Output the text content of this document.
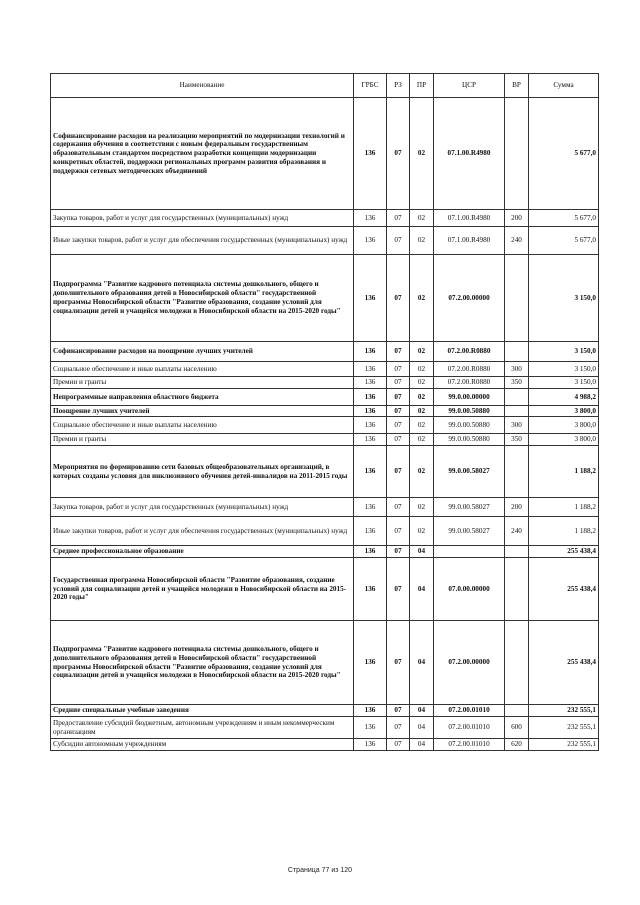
Наименование	ГРБС	РЗ	ПР	ЦСР	ВР	Сумма
Софинансирование расходов на реализацию мероприятий по модернизации технологий и содержания обучения в соответствии с новым федеральным государственным образовательным стандартом посредством разработки концепции модернизации конкретных областей, поддержки региональных программ развития образования и поддержки сетевых методических объединений	136	07	02	07.1.00.R4980		5 677,0
Закупка товаров, работ и услуг для государственных (муниципальных) нужд	136	07	02	07.1.00.R4980	200	5 677,0
Иные закупки товаров, работ и услуг для обеспечения государственных (муниципальных) нужд	136	07	02	07.1.00.R4980	240	5 677,0
Подпрограмма "Развитие кадрового потенциала системы дошкольного, общего и дополнительного образования детей в Новосибирской области" государственной программы Новосибирской области "Развитие образования, создание условий для социализации детей и учащейся молодежи в Новосибирской области на 2015-2020 годы"	136	07	02	07.2.00.00000		3 150,0
Софинансирование расходов на поощрение лучших учителей	136	07	02	07.2.00.R0880		3 150,0
Социальное обеспечение и иные выплаты населению	136	07	02	07.2.00.R0880	300	3 150,0
Премии и гранты	136	07	02	07.2.00.R0880	350	3 150,0
Непрограммные направления областного бюджета	136	07	02	99.0.00.00000		4 988,2
Поощрение лучших учителей	136	07	02	99.0.00.50880		3 800,0
Социальное обеспечение и иные выплаты населению	136	07	02	99.0.00.50880	300	3 800,0
Премии и гранты	136	07	02	99.0.00.50880	350	3 800,0
Мероприятия по формированию сети базовых общеобразовательных организаций, в которых созданы условия для инклюзивного обучения детей-инвалидов на 2011-2015 годы	136	07	02	99.0.00.58027		1 188,2
Закупка товаров, работ и услуг для государственных (муниципальных) нужд	136	07	02	99.0.00.58027	200	1 188,2
Иные закупки товаров, работ и услуг для обеспечения государственных (муниципальных) нужд	136	07	02	99.0.00.58027	240	1 188,2
Среднее профессиональное образование	136	07	04			255 438,4
Государственная программа Новосибирской области "Развитие образования, создание условий для социализации детей и учащейся молодежи в Новосибирской области на 2015-2020 годы"	136	07	04	07.0.00.00000		255 438,4
Подпрограмма "Развитие кадрового потенциала системы дошкольного, общего и дополнительного образования детей в Новосибирской области" государственной программы Новосибирской области "Развитие образования, создание условий для социализации детей и учащейся молодежи в Новосибирской области на 2015-2020 годы"	136	07	04	07.2.00.00000		255 438,4
Средние специальные учебные заведения	136	07	04	07.2.00.01010		232 555,1
Предоставление субсидий бюджетным, автономным учреждениям и иным некоммерческим организациям	136	07	04	07.2.00.01010	600	232 555,1
Субсидии автономным учреждениям	136	07	04	07.2.00.01010	620	232 555,1
Страница 77 из 120
